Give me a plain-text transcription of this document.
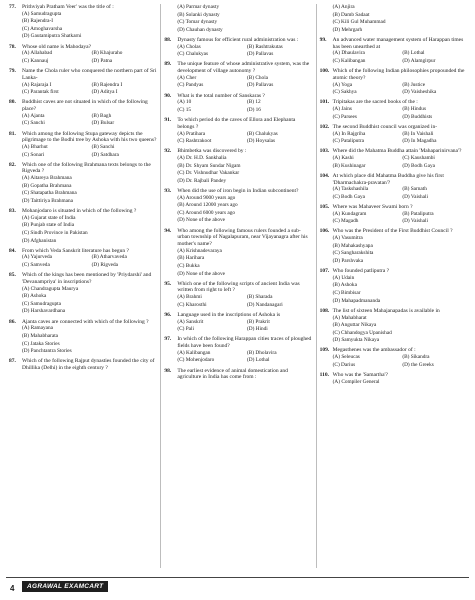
77.	Prithviyah Pratham Veer' was the title of :
(A) Samudragupta
(B) Rajendra-I
(C) Amoghavarsha
(D) Gautamiputra Shatkarni
78.	Whose old name is Mahodaya?
(A) Allahabad	(B) Khajuraho
(C) Kannauj	(D) Patna
79.	Name the Chola ruler who conquered the northern part of Sri Lanka-
(A) Rajaraja I	(B) Rajendra I
(C) Parantak first	(D) Aditya I
80.	Buddhist caves are not situated in which of the following place?
(A) Ajanta	(B) Bagh
(C) Sanchi	(D) Bulsar
81.	Which among the following Stupa gateway depicts the pilgrimage to the Bodhi tree by Ashoka with his two queens?
(A) Bharhut	(B) Sanchi
(C) Sonari	(D) Satdhara
82.	Which one of the following Brahmana texts belongs to the Rigveda ?
(A) Aitareya Brahmana
(B) Gopatha Brahmana
(C) Shatapatha Brahmana
(D) Taittiriya Brahmana
83.	Mohanjodaro is situated in which of the following ?
(A) Gujarat state of India
(B) Punjab state of India
(C) Sindh Province in Pakistan
(D) Afghanistan
84.	From which Veda Sanskrit literature has begun ?
(A) Yajurveda	(B) Atharvaveda
(C) Samveda	(D) Rigveda
85.	Which of the kings has been mentioned by 'Priydarshi' and 'Devanampriya' in inscriptions?
(A) Chandragupta Maurya
(B) Ashoka
(C) Samudragupta
(D) Harshavardhana
86.	Ajanta caves are connected with which of the following ?
(A) Ramayana
(B) Mahabharata
(C) Jataka Stories
(D) Panchtantra Stories
87.	Which of the following Rajput dynasties founded the city of Dhillika (Delhi) in the eighth century ?
(A) Parmar dynasty
(B) Solanki dynasty
(C) Tomar dynasty
(D) Chauhan dynasty
88.	Dynasty famous for efficient rural administration was :
(A) Cholas	(B) Rashtrakutas
(C) Chalukyas	(D) Pallavas
89.	The unique feature of whose administrative system, was the development of village autonomy ?
(A) Cher	(B) Chola
(C) Pandyas	(D) Pallavas
90.	What is the total number of Sanskaras ?
(A) 10	(B) 12
(C) 15	(D) 16
91.	To which period do the caves of Ellora and Elephanta belongs ?
(A) Pratihara	(B) Chalukyas
(C) Rashtrakoot	(D) Hoysalas
92.	Bhimbetka was discovered by :
(A) Dr. H.D. Sankhalia
(B) Dr. Shyam Sundar Nigam
(C) Dr. Vishnudhar Vakankar
(D) Dr. Rajbali Pandey
93.	When did the use of iron begin in Indian subcontinent?
(A) Around 9000 years ago
(B) Around 12000 years ago
(C) Around 6000 years ago
(D) None of the above
94.	Who among the following famous rulers founded a sub-urban township of Nagalapuram, near Vijayanagra after his mother's name?
(A) Krishnadevaraya
(B) Harihara
(C) Bukka
(D) None of the above
95.	Which one of the following scripts of ancient India was written from right to left ?
(A) Brahmi	(B) Sharada
(C) Kharosthi	(D) Nandanagari
96.	Language used in the inscriptions of Ashoka is
(A) Sanskrit	(B) Prakrit
(C) Pali	(D) Hindi
97.	In which of the following Harappan cities traces of ploughed fields have been found?
(A) Kalibangan	(B) Dholavira
(C) Mohenjodaro	(D) Lothal
98.	The earliest evidence of animal domestication and agriculture in India has come from :
(A) Anjira
(B) Damb Sadaat
(C) Kili Gul Muhammad
(D) Mehrgarh
99.	An advanced water management system of Harappan times has been unearthed at
(A) Dhaulavira	(B) Lothal
(C) Kalibangan	(D) Alamgirpur
100. Which of the following Indian philosophies propounded the atomic theory?
(A) Yoga	(B) Justice
(C) Sakhya	(D) Vaisheshika
101. Tripitakas are the sacred books of the :
(A) Jains	(B) Hindus
(C) Parsees	(D) Buddhists
102. The second Buddhist council was organized in-
(A) In Rajgriha	(B) In Vaishali
(C) Pataliputra	(D) In Magadha
103. Where did the Mahatma Buddha attain 'Mahaparinirvana'?
(A) Kashi	(C) Kaushambi
(B) Kushinagar	(D) Bodh Gaya
104. At which place did Mahatma Buddha give his first 'Dharmachakra-pravatan'?
(A) Taskshashila	(B) Sarnath
(C) Bodh Gaya	(D) Vaishali
105. Where was Mahaveer Swami born ?
(A) Kundagram	(B) Pataliputra
(C) Magadh	(D) Vaishali
106. Who was the President of the First Buddhist Council ?
(A) Vasumitra
(B) Mahakashyapa
(C) Sangharakshita
(D) Parshvaka
107. Who founded patliputra ?
(A) Udain
(B) Ashoka
(C) Bimbisar
(D) Mahapadmananda
108. The list of sixteen Mahajanapadas is available in
(A) Mahabharat
(B) Anguttar Nikaya
(C) Chhandogya Upanishad
(D) Samyukta Nikaya
109. Megasthenes was the ambassador of :
(A) Seleucas	(B) Sikandra
(C) Darius	(D) the Greeks
110. Who was the 'Samartha'?
(A) Compiler General
4	AGRAWAL EXAMCART
